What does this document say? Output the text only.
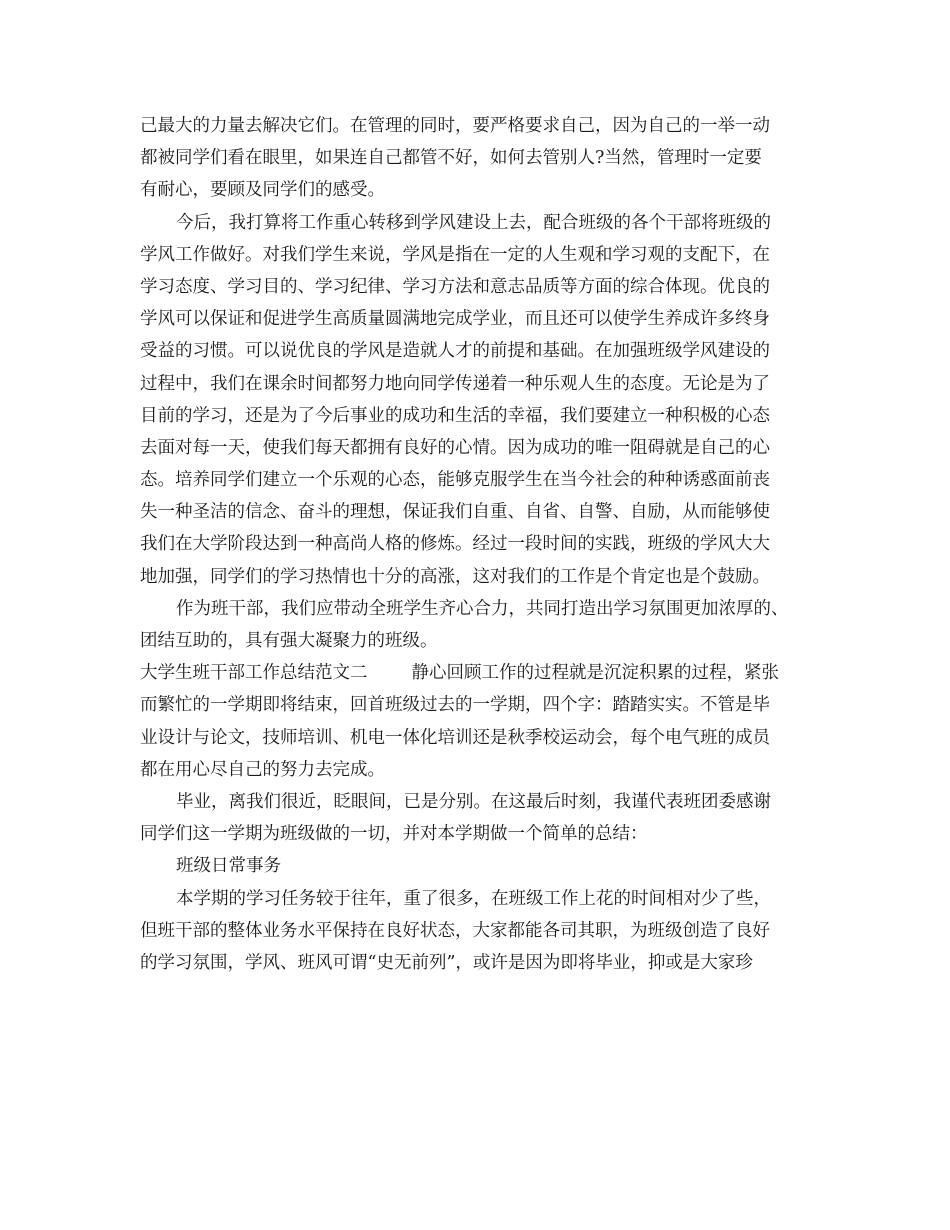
己最大的力量去解决它们。在管理的同时，要严格要求自己，因为自己的一举一动
都被同学们看在眼里，如果连自己都管不好，如何去管别人?当然，管理时一定要
有耐心，要顾及同学们的感受。
今后，我打算将工作重心转移到学风建设上去，配合班级的各个干部将班级的
学风工作做好。对我们学生来说，学风是指在一定的人生观和学习观的支配下，在
学习态度、学习目的、学习纪律、学习方法和意志品质等方面的综合体现。优良的
学风可以保证和促进学生高质量圆满地完成学业，而且还可以使学生养成许多终身
受益的习惯。可以说优良的学风是造就人才的前提和基础。在加强班级学风建设的
过程中，我们在课余时间都努力地向同学传递着一种乐观人生的态度。无论是为了
目前的学习，还是为了今后事业的成功和生活的幸福，我们要建立一种积极的心态
去面对每一天，使我们每天都拥有良好的心情。因为成功的唯一阻碍就是自己的心
态。培养同学们建立一个乐观的心态，能够克服学生在当今社会的种种诱惑面前丧
失一种圣洁的信念、奋斗的理想，保证我们自重、自省、自警、自励，从而能够使
我们在大学阶段达到一种高尚人格的修炼。经过一段时间的实践，班级的学风大大
地加强，同学们的学习热情也十分的高涨，这对我们的工作是个肯定也是个鼓励。
作为班干部，我们应带动全班学生齐心合力，共同打造出学习氛围更加浓厚的、
团结互助的，具有强大凝聚力的班级。
大学生班干部工作总结范文二	静心回顾工作的过程就是沉淀积累的过程，紧张
而繁忙的一学期即将结束，回首班级过去的一学期，四个字：踏踏实实。不管是毕
业设计与论文，技师培训、机电一体化培训还是秋季校运动会，每个电气班的成员
都在用心尽自己的努力去完成。
毕业，离我们很近，眨眼间，已是分别。在这最后时刻，我谨代表班团委感谢
同学们这一学期为班级做的一切，并对本学期做一个简单的总结：
班级日常事务
本学期的学习任务较于往年，重了很多，在班级工作上花的时间相对少了些，
但班干部的整体业务水平保持在良好状态，大家都能各司其职，为班级创造了良好
的学习氛围，学风、班风可谓“史无前列”，或许是因为即将毕业，抑或是大家珍
